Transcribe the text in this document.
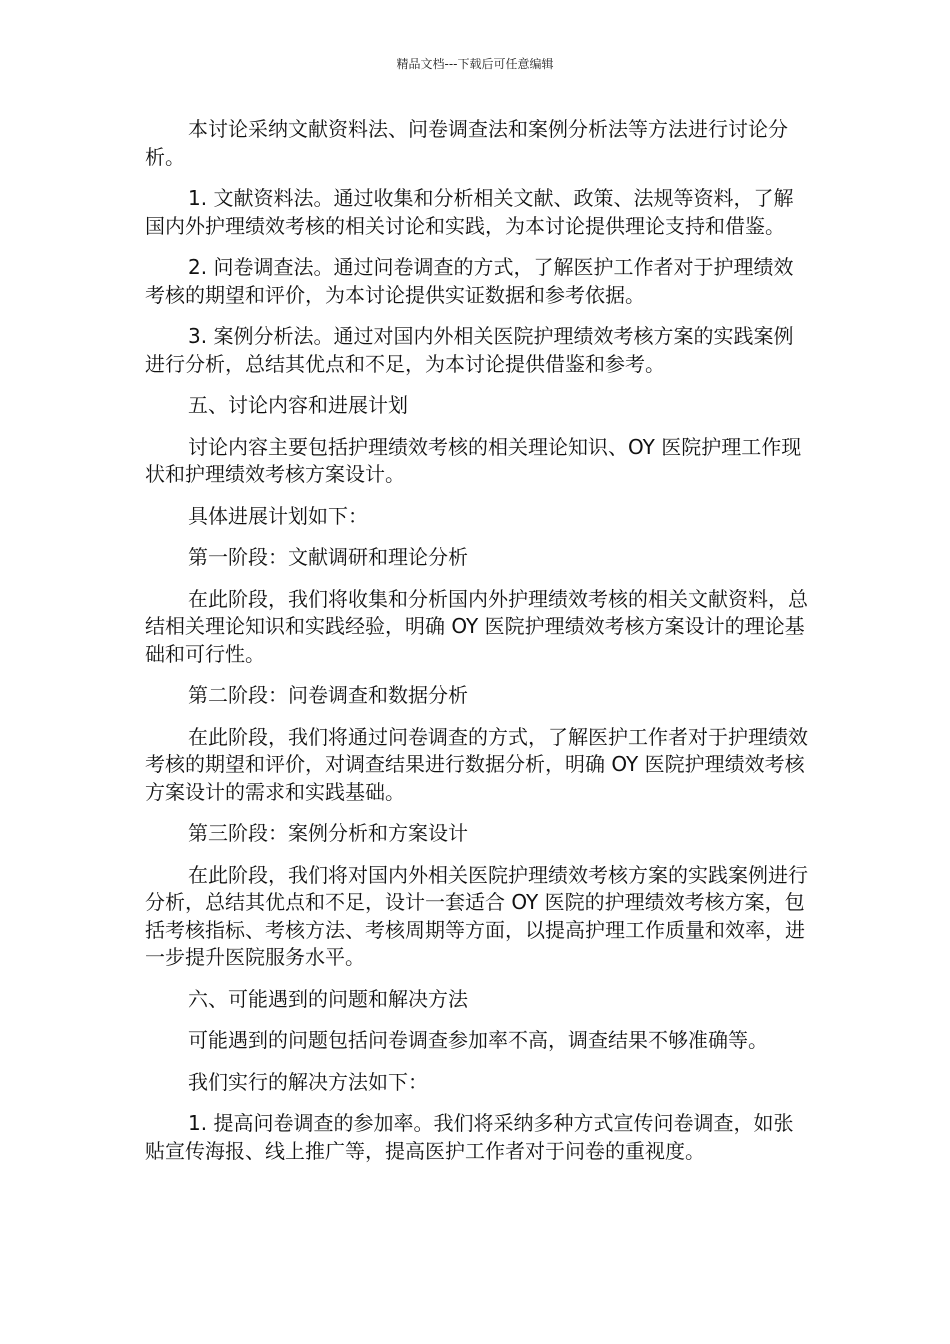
精品文档---下载后可任意编辑

本讨论采纳文献资料法、问卷调查法和案例分析法等方法进行讨论分析。

1. 文献资料法。通过收集和分析相关文献、政策、法规等资料，了解国内外护理绩效考核的相关讨论和实践，为本讨论提供理论支持和借鉴。

2. 问卷调查法。通过问卷调查的方式，了解医护工作者对于护理绩效考核的期望和评价，为本讨论提供实证数据和参考依据。

3. 案例分析法。通过对国内外相关医院护理绩效考核方案的实践案例进行分析，总结其优点和不足，为本讨论提供借鉴和参考。

五、讨论内容和进展计划

讨论内容主要包括护理绩效考核的相关理论知识、OY 医院护理工作现状和护理绩效考核方案设计。

具体进展计划如下：

第一阶段：文献调研和理论分析

在此阶段，我们将收集和分析国内外护理绩效考核的相关文献资料，总结相关理论知识和实践经验，明确 OY 医院护理绩效考核方案设计的理论基础和可行性。

第二阶段：问卷调查和数据分析

在此阶段，我们将通过问卷调查的方式，了解医护工作者对于护理绩效考核的期望和评价，对调查结果进行数据分析，明确 OY 医院护理绩效考核方案设计的需求和实践基础。

第三阶段：案例分析和方案设计

在此阶段，我们将对国内外相关医院护理绩效考核方案的实践案例进行分析，总结其优点和不足，设计一套适合 OY 医院的护理绩效考核方案，包括考核指标、考核方法、考核周期等方面，以提高护理工作质量和效率，进一步提升医院服务水平。

六、可能遇到的问题和解决方法

可能遇到的问题包括问卷调查参加率不高，调查结果不够准确等。

我们实行的解决方法如下：

1. 提高问卷调查的参加率。我们将采纳多种方式宣传问卷调查，如张贴宣传海报、线上推广等，提高医护工作者对于问卷的重视度。
